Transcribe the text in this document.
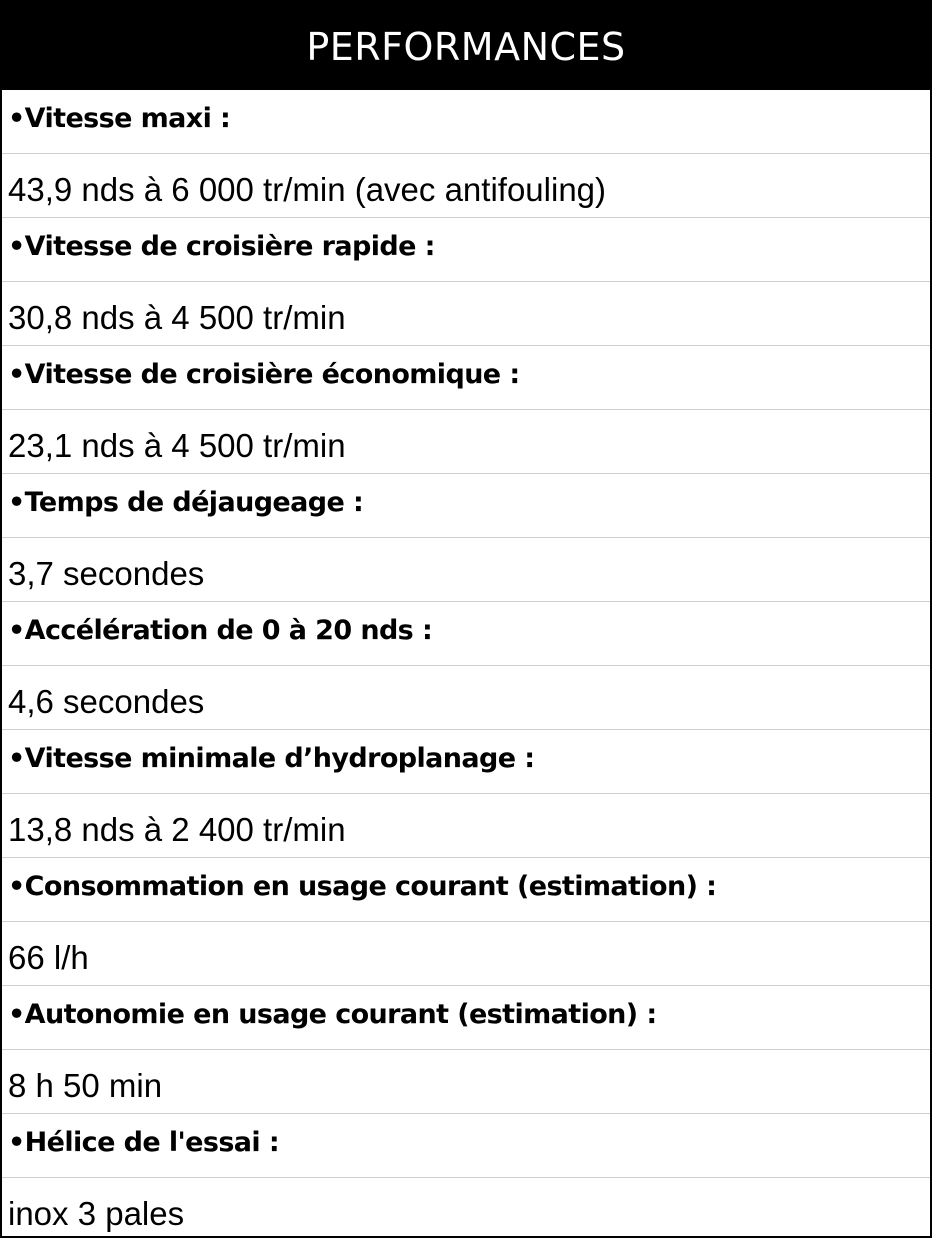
PERFORMANCES
•Vitesse maxi :
43,9 nds à 6 000 tr/min (avec antifouling)
•Vitesse de croisière rapide :
30,8 nds à 4 500 tr/min
•Vitesse de croisière économique :
23,1 nds à 4 500 tr/min
•Temps de déjaugeage :
3,7 secondes
•Accélération de 0 à 20 nds :
4,6 secondes
•Vitesse minimale d’hydroplanage :
13,8 nds à 2 400 tr/min
•Consommation en usage courant (estimation) :
66 l/h
•Autonomie en usage courant (estimation) :
8 h 50 min
•Hélice de l'essai :
inox 3 pales
